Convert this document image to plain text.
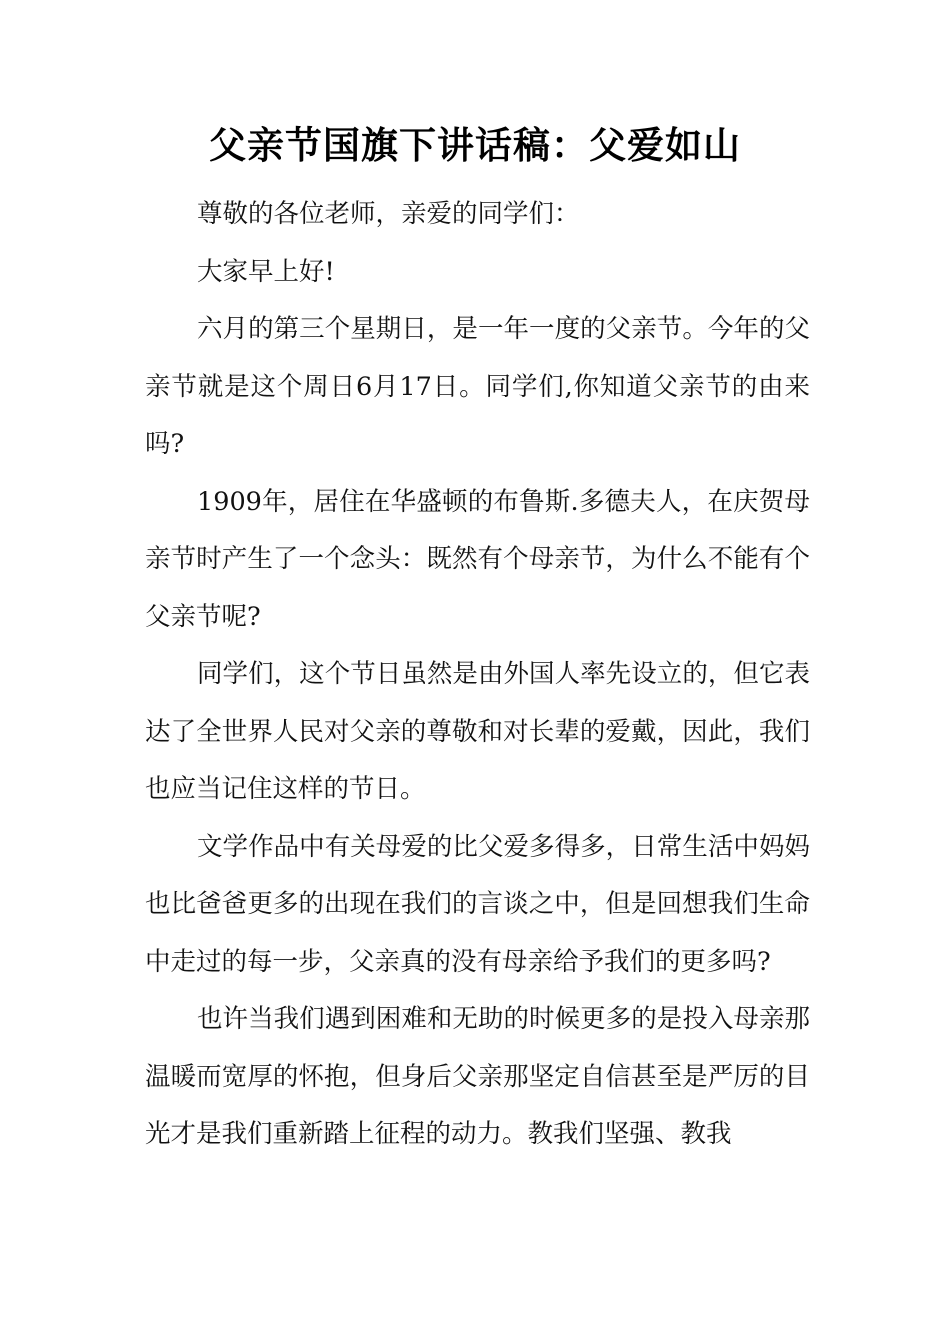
父亲节国旗下讲话稿：父爱如山

尊敬的各位老师，亲爱的同学们：

大家早上好!

六月的第三个星期日，是一年一度的父亲节。今年的父亲节就是这个周日6月17日。同学们,你知道父亲节的由来吗?

1909年，居住在华盛顿的布鲁斯.多德夫人，在庆贺母亲节时产生了一个念头：既然有个母亲节，为什么不能有个父亲节呢?

同学们，这个节日虽然是由外国人率先设立的，但它表达了全世界人民对父亲的尊敬和对长辈的爱戴，因此，我们也应当记住这样的节日。

文学作品中有关母爱的比父爱多得多，日常生活中妈妈也比爸爸更多的出现在我们的言谈之中，但是回想我们生命中走过的每一步，父亲真的没有母亲给予我们的更多吗?

也许当我们遇到困难和无助的时候更多的是投入母亲那温暖而宽厚的怀抱，但身后父亲那坚定自信甚至是严厉的目光才是我们重新踏上征程的动力。教我们坚强、教我
